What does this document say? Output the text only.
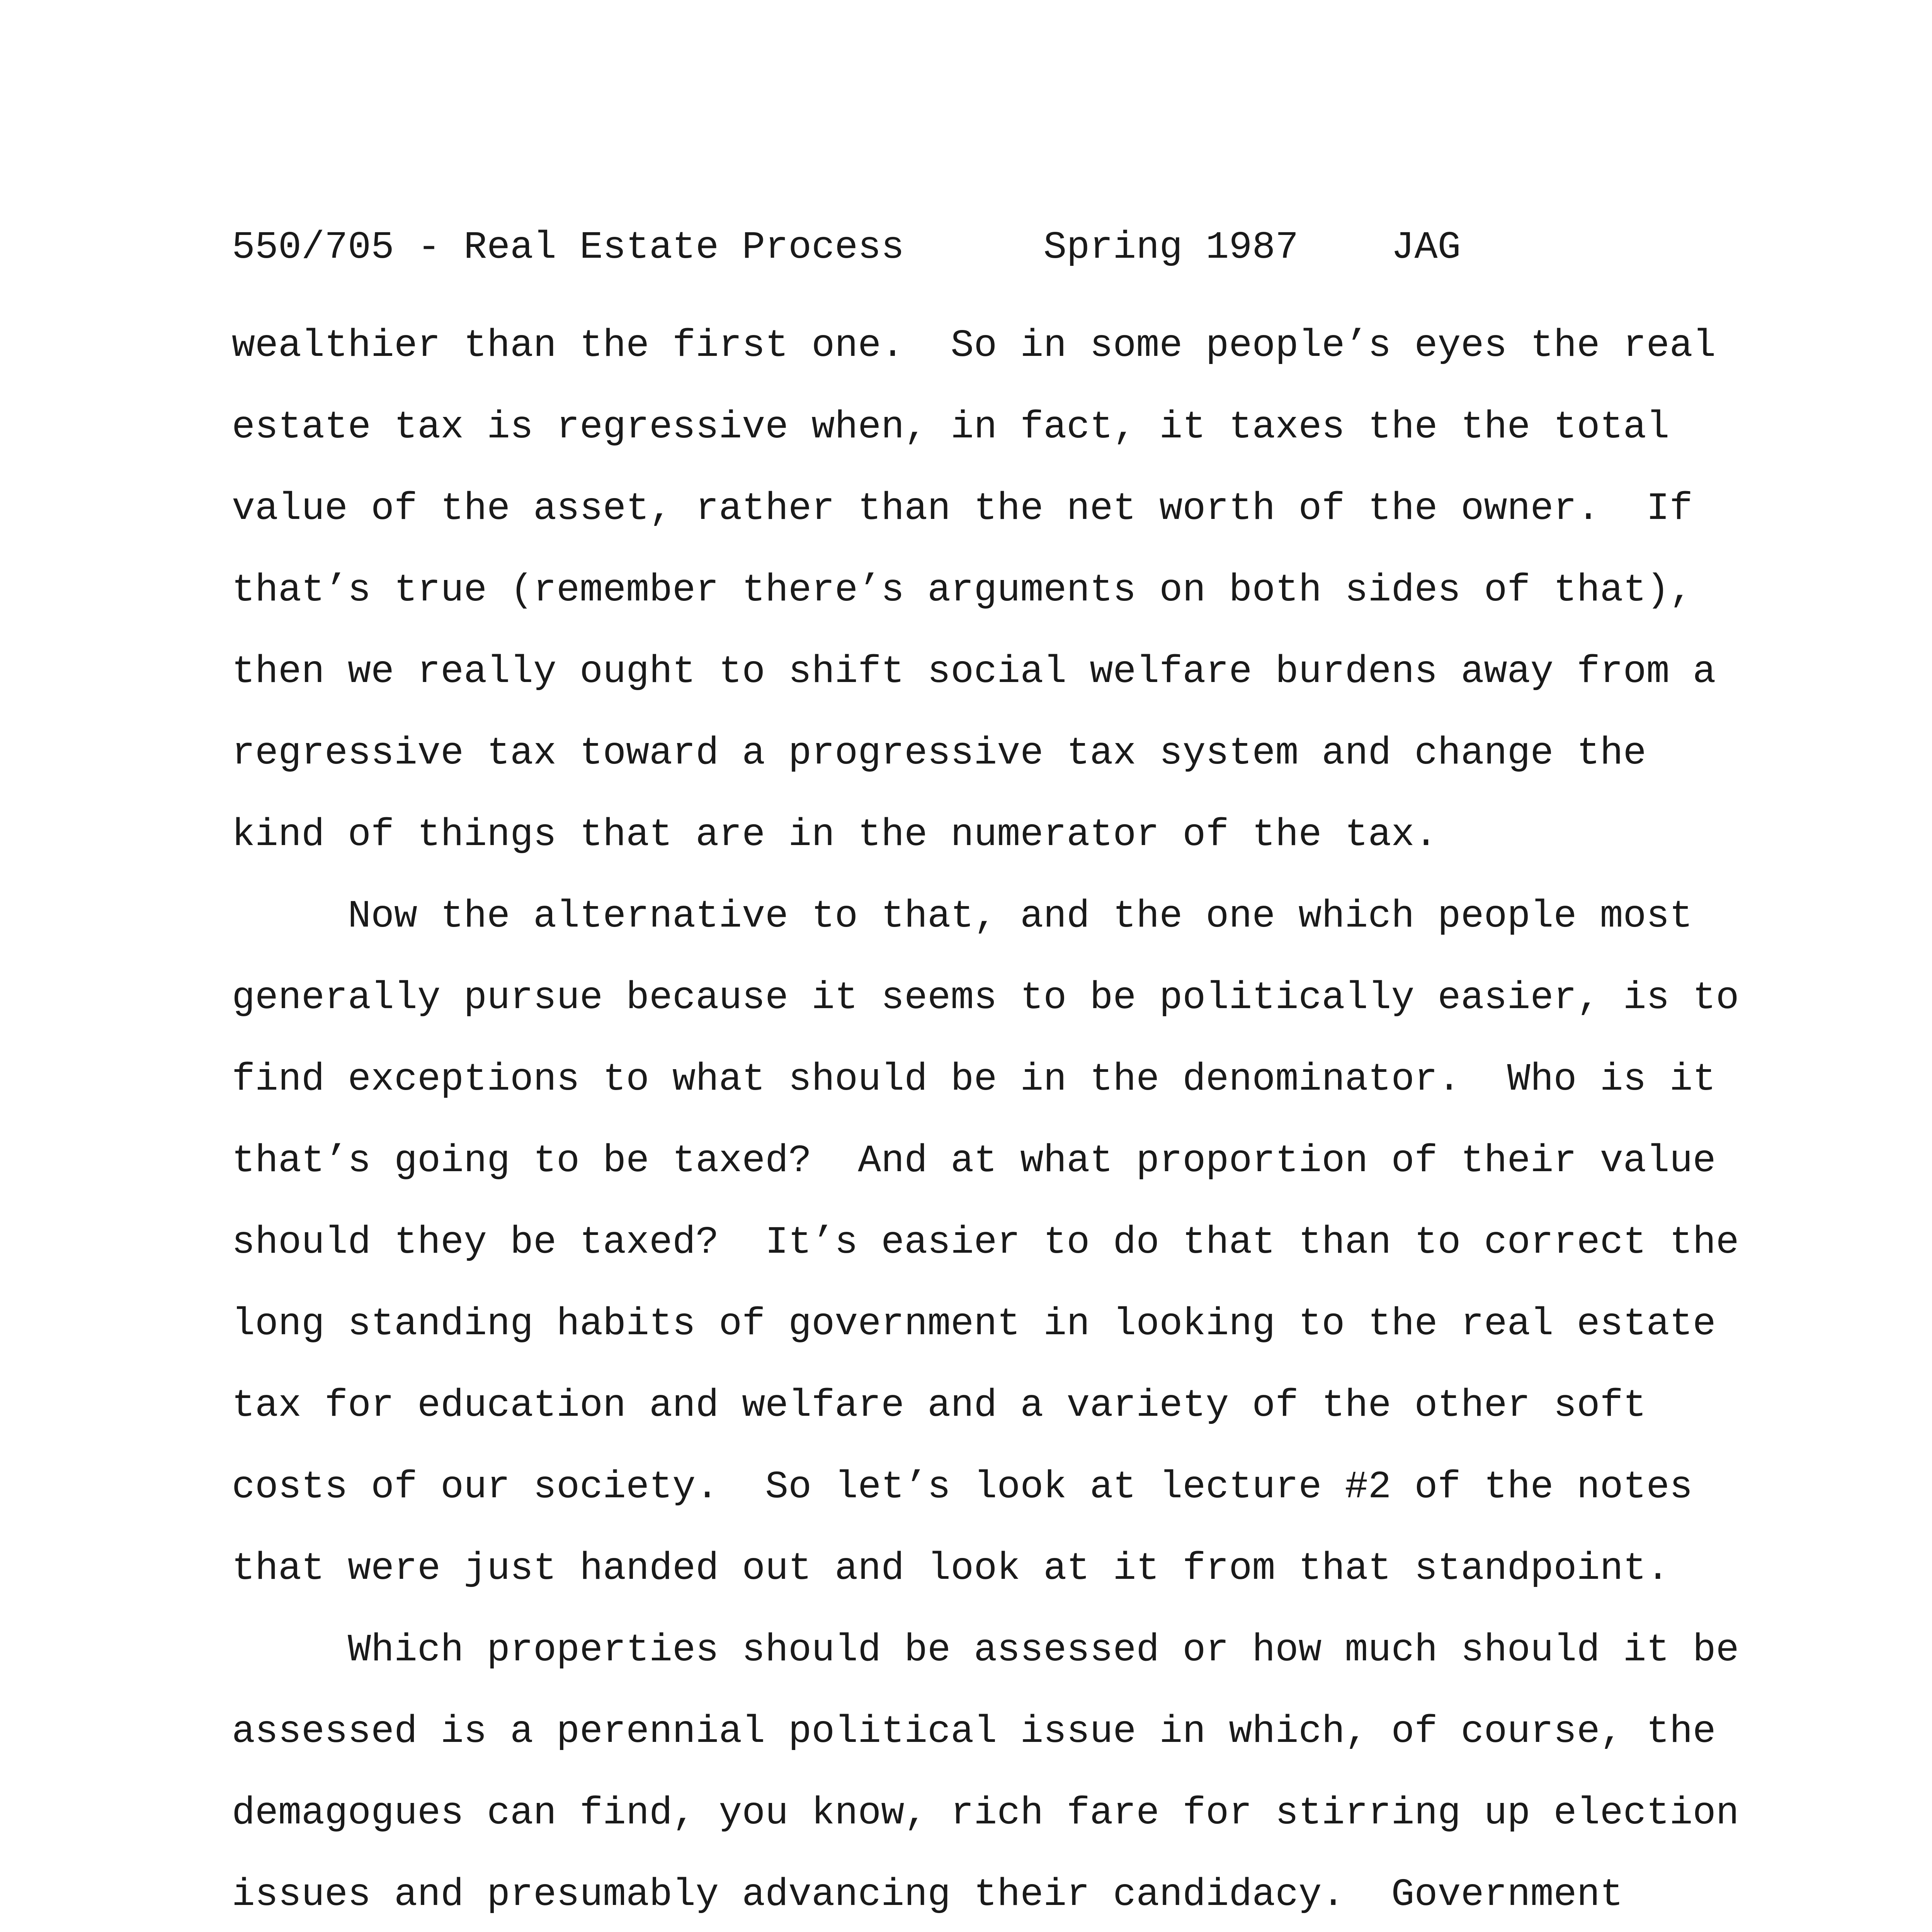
550/705 - Real Estate Process	Spring 1987 JAG
wealthier than the first one.  So in some people’s eyes the real
estate tax is regressive when, in fact, it taxes the the total
value of the asset, rather than the net worth of the owner.  If
that’s true (remember there’s arguments on both sides of that),
then we really ought to shift social welfare burdens away from a
regressive tax toward a progressive tax system and change the
kind of things that are in the numerator of the tax.
Now the alternative to that, and the one which people most
generally pursue because it seems to be politically easier, is to
find exceptions to what should be in the denominator.  Who is it
that’s going to be taxed?  And at what proportion of their value
should they be taxed?  It’s easier to do that than to correct the
long standing habits of government in looking to the real estate
tax for education and welfare and a variety of the other soft
costs of our society.  So let’s look at lecture #2 of the notes
that were just handed out and look at it from that standpoint.
Which properties should be assessed or how much should it be
assessed is a perennial political issue in which, of course, the
demagogues can find, you know, rich fare for stirring up election
issues and presumably advancing their candidacy.  Government
